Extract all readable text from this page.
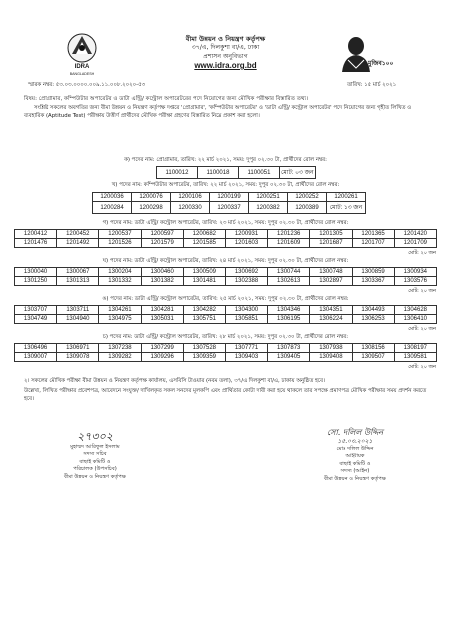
IDRA
BANGLADESH
বীমা উন্নয়ন ও নিয়ন্ত্রণ কর্তৃপক্ষ
৩৭/এ, দিলকুশা বা/এ, ঢাকা
প্রশাসন অনুবিভাগ
www.idra.org.bd	মুজিব১০০
স্মারক নম্বর: ৫৩.০৩.০০০০.০০৯.১১.০০৮.২০২০-৫৩	তারিখ: ১৫ মার্চ ২০২১
বিষয়: প্রোগ্রামার, কম্পিউটার অপারেটর ও ডাটা এন্ট্রি/ কন্ট্রোল অপারেটরের পদে নিয়োগের জন্য মৌখিক পরীক্ষার বিস্তারিত তথ্য।
সংশ্লিষ্ট সকলের অবগতির জন্য বীমা উন্নয়ন ও নিয়ন্ত্রণ কর্তৃপক্ষ দপ্তরে 'প্রোগ্রামার', 'কম্পিউটার অপারেটর' ও 'ডাটা এন্ট্রি/ কন্ট্রোল অপারেটর' পদে নিয়োগের জন্য গৃহীত লিখিত ও ব্যবহারিক (Aptitude Test) পরীক্ষায় উত্তীর্ণ প্রার্থীদের মৌখিক পরীক্ষা গ্রহণের বিস্তারিত নিম্নে প্রকাশ করা হলো।
ক) পদের নাম: প্রোগ্রামার, তারিখ: ২২ মার্চ ২০২১, সময়: দুপুর ০২.৩০ টা, প্রার্থীদের রোল নম্বর:
1100012	1100018	1100051	মোট: ০৩ জন
খ) পদের নাম: কম্পিউটার অপারেটর, তারিখ: ২২ মার্চ ২০২১, সময়: দুপুর ০২.৩০ টা, প্রার্থীদের রোল নম্বর:
1200036	1200076	1200106	1200199	1200251	1200252	1200261
1200284	1200298	1200330	1200337	1200382	1200389	মোট: ১৩ জন
গ) পদের নাম: ডাটা এন্ট্রি/ কন্ট্রোল অপারেটর, তারিখ: ২৩ মার্চ ২০২১, সময়: দুপুর ০২.৩০ টা, প্রার্থীদের রোল নম্বর:
1200412	1200452	1200537	1200597	1200682	1200931	1201236	1201305	1201365	1201420
1201476	1201492	1201526	1201579	1201585	1201603	1201609	1201687	1201707	1201709
মোট: ২০ জন
ঘ) পদের নাম: ডাটা এন্ট্রি/ কন্ট্রোল অপারেটর, তারিখ: ২৪ মার্চ ২০২১, সময়: দুপুর ০২.৩০ টা, প্রার্থীদের রোল নম্বর:
1300040	1300067	1300204	1300460	1300509	1300692	1300744	1300748	1300859	1300934
1301250	1301313	1301332	1301382	1301481	1302388	1302613	1302897	1303367	1303576
মোট: ২০ জন
ঙ) পদের নাম: ডাটা এন্ট্রি/ কন্ট্রোল অপারেটর, তারিখ: ২৫ মার্চ ২০২১, সময়: দুপুর ০২.৩০ টা, প্রার্থীদের রোল নম্বর:
1303707	1303711	1304261	1304281	1304282	1304300	1304346	1304351	1304493	1304628
1304749	1304940	1304975	1305031	1305751	1305851	1306195	1306224	1306253	1306410
মোট: ২০ জন
চ) পদের নাম: ডাটা এন্ট্রি/ কন্ট্রোল অপারেটর, তারিখ: ২৮ মার্চ ২০২১, সময়: দুপুর ০২.৩০ টা, প্রার্থীদের রোল নম্বর:
1306496	1306971	1307238	1307299	1307528	1307771	1307873	1307938	1308156	1308197
1309007	1309078	1309282	1309296	1309359	1309403	1309405	1309408	1309507	1309581
মোট: ২০ জন
২। সকলের মৌখিক পরীক্ষা বীমা উন্নয়ন ও নিয়ন্ত্রণ কর্তৃপক্ষ কার্যালয়, এসবিসি টাওয়ার (নবম তলা), ৩৭/এ দিলকুশা বা/এ, ঢাকায় অনুষ্ঠিত হবে।
উল্লেখ্য, লিখিত পরীক্ষার প্রবেশপত্র, আবেদনে সংযুক্ত/ দাখিলকৃত সকল সনদের মূলকপি এবং প্রার্থিতার কোটা দাবী করা হয়ে থাকলে তার সপক্ষে প্রমাণপত্র মৌখিক পরীক্ষার সময় প্রদর্শন করতে হবে।
২৭৩০২
মুহাম্মদ আরিফুল ইসলাম
সদস্য সচিব
বাছাই কমিটি ও
পরিচালক (উপসচিব)
বীমা উন্নয়ন ও নিয়ন্ত্রণ কর্তৃপক্ষ
সো. দলিল উদ্দিন
১৫.০৩.২০২১
মোঃ দলিল উদ্দিন
আহ্বায়ক
বাছাই কমিটি ও
সদস্য (আইন)
বীমা উন্নয়ন ও নিয়ন্ত্রণ কর্তৃপক্ষ
